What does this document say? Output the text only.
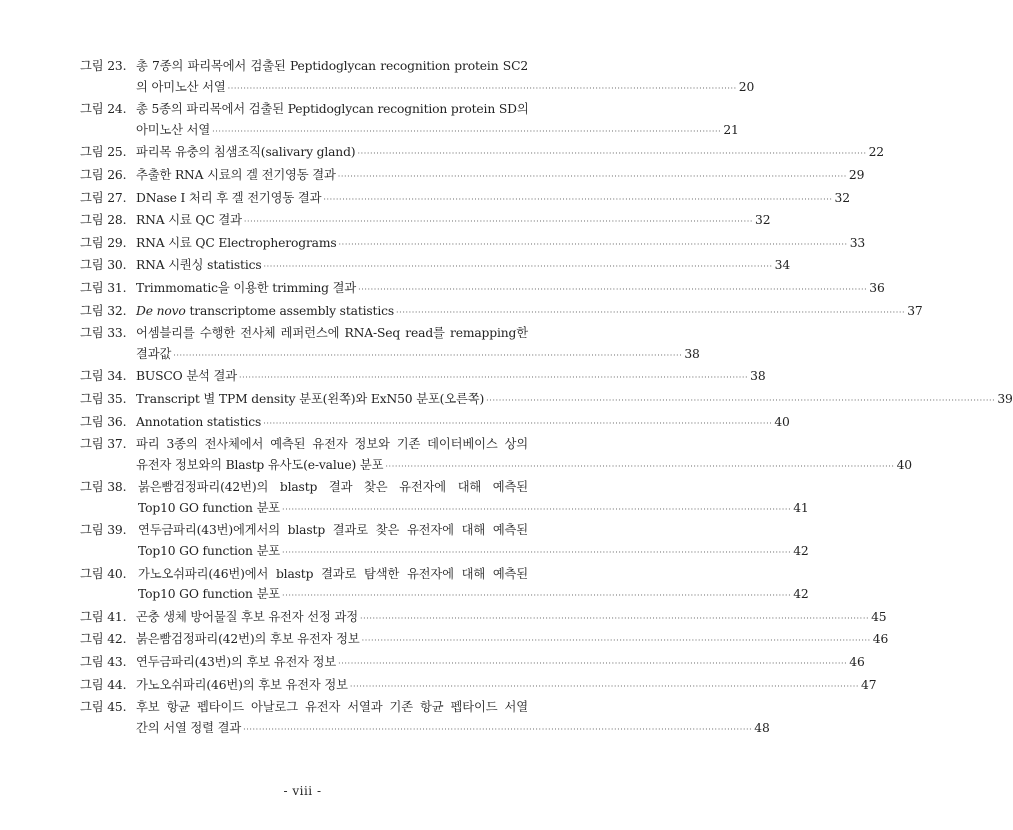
그림 23. 총 7종의 파리목에서 검출된 Peptidoglycan recognition protein SC2
의 아미노산 서열 ·····	20
그림 24. 총 5종의 파리목에서 검출된 Peptidoglycan recognition protein SD의
아미노산 서열 ·····	21
그림 25. 파리목 유충의 침샘조직(salivary gland) ·····	22
그림 26. 추출한 RNA 시료의 겔 전기영동 결과 ·····	29
그림 27. DNase I 처리 후 겔 전기영동 결과 ·····	32
그림 28. RNA 시료 QC 결과 ·····	32
그림 29. RNA 시료 QC Electropherograms ·····	33
그림 30. RNA 시퀀싱 statistics ·····	34
그림 31. Trimmomatic을 이용한 trimming 결과 ·····	36
그림 32. De novo transcriptome assembly statistics ·····	37
그림 33. 어셈블리를 수행한 전사체 레퍼런스에 RNA-Seq read를 remapping한
결과값 ·····	38
그림 34. BUSCO 분석 결과 ·····	38
그림 35. Transcript 별 TPM density 분포(왼쪽)와 ExN50 분포(오른쪽) ·····	39
그림 36. Annotation statistics ·····	40
그림 37. 파리 3종의 전사체에서 예측된 유전자 정보와 기존 데이터베이스 상의
유전자 정보와의 Blastp 유사도(e-value) 분포 ·····	40
그림 38. 붉은빰검정파리(42번)의 blastp 결과 찾은 유전자에 대해 예측된
Top10 GO function 분포 ·····	41
그림 39. 연두금파리(43번)에게서의 blastp 결과로 찾은 유전자에 대해 예측된
Top10 GO function 분포 ·····	42
그림 40. 가노오쉬파리(46번)에서 blastp 결과로 탐색한 유전자에 대해 예측된
Top10 GO function 분포 ·····	42
그림 41. 곤충 생체 방어물질 후보 유전자 선정 과정 ·····	45
그림 42. 붉은빰검정파리(42번)의 후보 유전자 정보 ·····	46
그림 43. 연두금파리(43번)의 후보 유전자 정보 ·····	46
그림 44. 가노오쉬파리(46번)의 후보 유전자 정보 ·····	47
그림 45. 후보 항균 펩타이드 아날로그 유전자 서열과 기존 항균 펩타이드 서열
간의 서열 정렬 결과 ·····	48
- viii -
